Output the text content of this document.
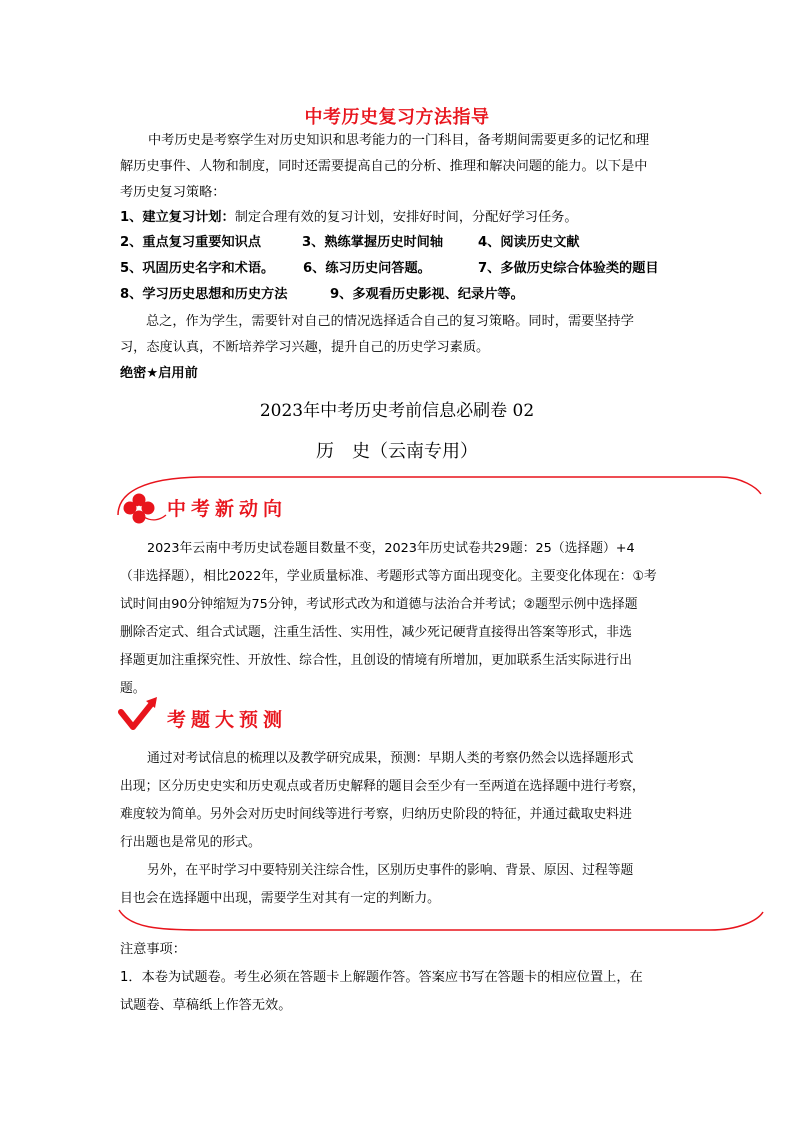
中考历史复习方法指导
中考历史是考察学生对历史知识和思考能力的一门科目，备考期间需要更多的记忆和理
解历史事件、人物和制度，同时还需要提高自己的分析、推理和解决问题的能力。以下是中
考历史复习策略：
1、建立复习计划：制定合理有效的复习计划，安排好时间，分配好学习任务。
2、重点复习重要知识点	3、熟练掌握历史时间轴	4、阅读历史文献
5、巩固历史名字和术语。 6、练习历史问答题。	7、多做历史综合体验类的题目
8、学习历史思想和历史方法	9、多观看历史影视、纪录片等。
总之，作为学生，需要针对自己的情况选择适合自己的复习策略。同时，需要坚持学
习，态度认真，不断培养学习兴趣，提升自己的历史学习素质。
绝密★启用前
2023年中考历史考前信息必刷卷 02
历　史（云南专用）
中考新动向
2023年云南中考历史试卷题目数量不变，2023年历史试卷共29题：25（选择题）+4
（非选择题），相比2022年，学业质量标准、考题形式等方面出现变化。主要变化体现在：①考
试时间由90分钟缩短为75分钟，考试形式改为和道德与法治合并考试；②题型示例中选择题
删除否定式、组合式试题，注重生活性、实用性，减少死记硬背直接得出答案等形式，非选
择题更加注重探究性、开放性、综合性，且创设的情境有所增加，更加联系生活实际进行出
题。
考题大预测
通过对考试信息的梳理以及教学研究成果，预测：早期人类的考察仍然会以选择题形式
出现；区分历史史实和历史观点或者历史解释的题目会至少有一至两道在选择题中进行考察，
难度较为简单。另外会对历史时间线等进行考察，归纳历史阶段的特征，并通过截取史料进
行出题也是常见的形式。
另外，在平时学习中要特别关注综合性，区别历史事件的影响、背景、原因、过程等题
目也会在选择题中出现，需要学生对其有一定的判断力。
注意事项：
1．本卷为试题卷。考生必须在答题卡上解题作答。答案应书写在答题卡的相应位置上，在
试题卷、草稿纸上作答无效。
